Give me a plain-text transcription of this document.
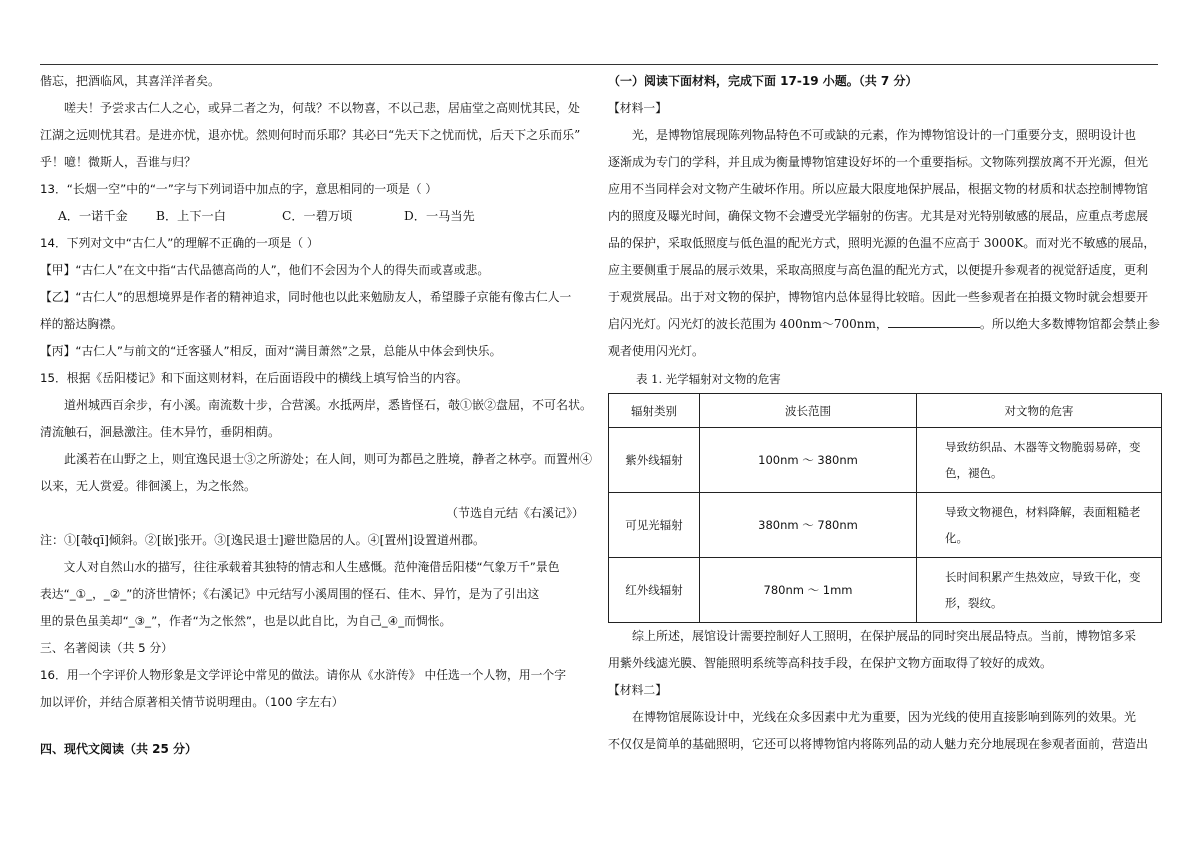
偕忘，把酒临风，其喜洋洋者矣。
嗟夫！予尝求古仁人之心，或异二者之为，何哉？不以物喜，不以己悲，居庙堂之高则忧其民，处
江湖之远则忧其君。是进亦忧，退亦忧。然则何时而乐耶？其必曰“先天下之忧而忧，后天下之乐而乐”
乎！噫！微斯人，吾谁与归？
13．“长烟一空”中的“一”字与下列词语中加点的字，意思相同的一项是（ ）
A．一诺千金	B．上下一白	C．一碧万顷	D．一马当先
14．下列对文中“古仁人”的理解不正确的一项是（ ）
【甲】“古仁人”在文中指“古代品德高尚的人”，他们不会因为个人的得失而或喜或悲。
【乙】“古仁人”的思想境界是作者的精神追求，同时他也以此来勉励友人，希望滕子京能有像古仁人一
样的豁达胸襟。
【丙】“古仁人”与前文的“迁客骚人”相反，面对“满目萧然”之景，总能从中体会到快乐。
15．根据《岳阳楼记》和下面这则材料，在后面语段中的横线上填写恰当的内容。
道州城西百余步，有小溪。南流数十步，合营溪。水抵两岸，悉皆怪石，攲①嵌②盘屈，不可名状。
清流触石，洄悬激注。佳木异竹，垂阴相荫。
此溪若在山野之上，则宜逸民退士③之所游处；在人间，则可为都邑之胜境，静者之林亭。而置州④
以来，无人赏爱。徘徊溪上，为之怅然。
（节选自元结《右溪记》）
注：①[攲qī]倾斜。②[嵌]张开。③[逸民退士]避世隐居的人。④[置州]设置道州郡。
文人对自然山水的描写，往往承载着其独特的情志和人生感慨。范仲淹借岳阳楼“气象万千”景色
表达“_①_，_②_”的济世情怀；《右溪记》中元结写小溪周围的怪石、佳木、异竹，是为了引出这
里的景色虽美却“_③_”，作者“为之怅然”，也是以此自比，为自己_④_而惆怅。
三、名著阅读（共 5 分）
16．用一个字评价人物形象是文学评论中常见的做法。请你从《水浒传》 中任选一个人物，用一个字
加以评价，并结合原著相关情节说明理由。（100 字左右）
四、现代文阅读（共 25 分）
（一）阅读下面材料，完成下面 17-19 小题。（共 7 分）
【材料一】
光，是博物馆展现陈列物品特色不可或缺的元素，作为博物馆设计的一门重要分支，照明设计也
逐渐成为专门的学科，并且成为衡量博物馆建设好坏的一个重要指标。文物陈列摆放离不开光源，但光
应用不当同样会对文物产生破坏作用。所以应最大限度地保护展品，根据文物的材质和状态控制博物馆
内的照度及曝光时间，确保文物不会遭受光学辐射的伤害。尤其是对光特别敏感的展品，应重点考虑展
品的保护，采取低照度与低色温的配光方式，照明光源的色温不应高于 3000K。而对光不敏感的展品，
应主要侧重于展品的展示效果，采取高照度与高色温的配光方式，以便提升参观者的视觉舒适度，更利
于观赏展品。出于对文物的保护，博物馆内总体显得比较暗。因此一些参观者在拍摄文物时就会想要开
启闪光灯。闪光灯的波长范围为 400nm～700nm，	。所以绝大多数博物馆都会禁止参
观者使用闪光灯。
表 1. 光学辐射对文物的危害
辐射类别	波长范围	对文物的危害
紫外线辐射	100nm ～ 380nm	导致纺织品、木器等文物脆弱易碎，变色，褪色。
可见光辐射	380nm ～ 780nm	导致文物褪色，材料降解，表面粗糙老化。
红外线辐射	780nm ～ 1mm	长时间积累产生热效应，导致干化，变形，裂纹。
综上所述，展馆设计需要控制好人工照明，在保护展品的同时突出展品特点。当前，博物馆多采
用紫外线滤光膜、智能照明系统等高科技手段，在保护文物方面取得了较好的成效。
【材料二】
在博物馆展陈设计中，光线在众多因素中尤为重要，因为光线的使用直接影响到陈列的效果。光
不仅仅是简单的基础照明，它还可以将博物馆内将陈列品的动人魅力充分地展现在参观者面前，营造出
